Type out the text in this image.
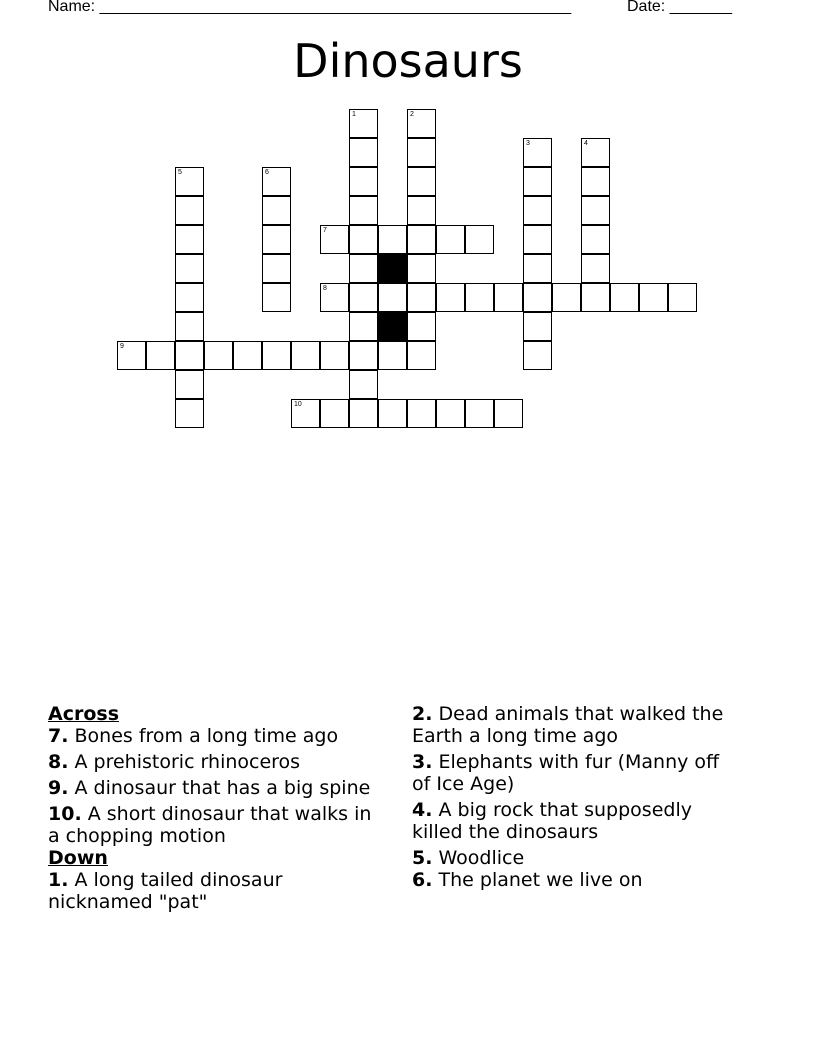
Name: _____________________________________________________	Date: _______
Dinosaurs
1	2
3	4
5	6
7
8
9
10
Across
7. Bones from a long time ago
8. A prehistoric rhinoceros
9. A dinosaur that has a big spine
10. A short dinosaur that walks in a chopping motion
Down
1. A long tailed dinosaur nicknamed "pat"
2. Dead animals that walked the Earth a long time ago
3. Elephants with fur (Manny off of Ice Age)
4. A big rock that supposedly killed the dinosaurs
5. Woodlice
6. The planet we live on
